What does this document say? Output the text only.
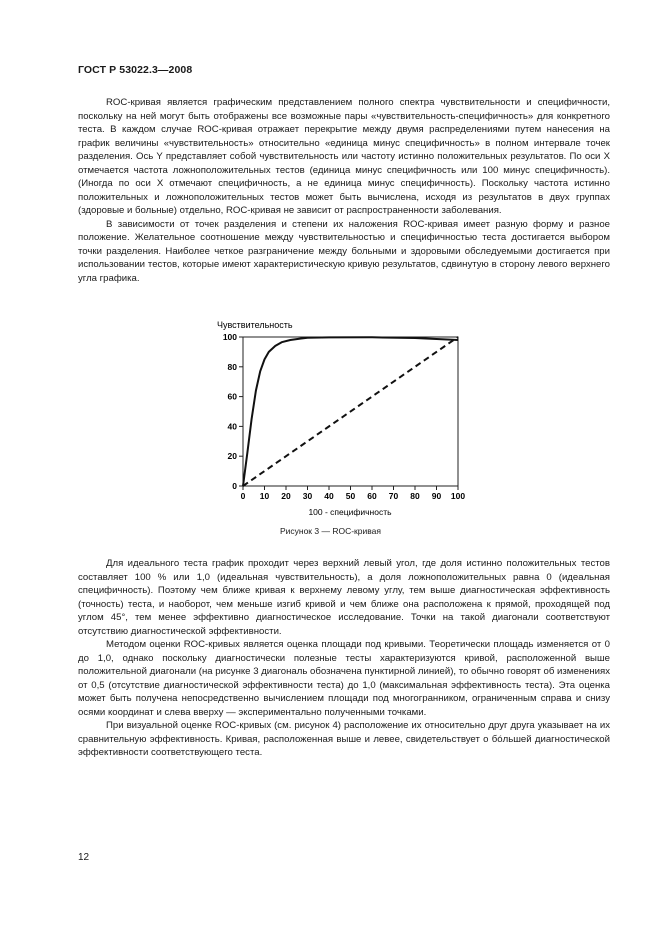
ГОСТ Р 53022.3—2008

ROC-кривая является графическим представлением полного спектра чувствительности и специфичности, поскольку на ней могут быть отображены все возможные пары «чувствительность-специфичность» для конкретного теста. В каждом случае ROC-кривая отражает перекрытие между двумя распределениями путем нанесения на график величины «чувствительность» относительно «единица минус специфичность» в полном интервале точек разделения. Ось Y представляет собой чувствительность или частоту истинно положительных результатов. По оси X отмечается частота ложноположительных тестов (единица минус специфичность или 100 минус специфичность). (Иногда по оси X отмечают специфичность, а не единица минус специфичность). Поскольку частота истинно положительных и ложноположительных тестов может быть вычислена, исходя из результатов в двух группах (здоровые и больные) отдельно, ROC-кривая не зависит от распространенности заболевания.

В зависимости от точек разделения и степени их наложения ROC-кривая имеет разную форму и разное положение. Желательное соотношение между чувствительностью и специфичностью теста достигается выбором точки разделения. Наиболее четкое разграничение между больными и здоровыми обследуемыми достигается при использовании тестов, которые имеют характеристическую кривую результатов, сдвинутую в сторону левого верхнего угла графика.

Чувствительность
0
20
40
60
80
100
0 10 20 30 40 50 60 70 80 90 100
100 - специфичность
Рисунок 3 — ROC-кривая

Для идеального теста график проходит через верхний левый угол, где доля истинно положительных тестов составляет 100 % или 1,0 (идеальная чувствительность), а доля ложноположительных равна 0 (идеальная специфичность). Поэтому чем ближе кривая к верхнему левому углу, тем выше диагностическая эффективность (точность) теста, и наоборот, чем меньше изгиб кривой и чем ближе она расположена к прямой, проходящей под углом 45°, тем менее эффективно диагностическое исследование. Точки на такой диагонали соответствуют отсутствию диагностической эффективности.

Методом оценки ROC-кривых является оценка площади под кривыми. Теоретически площадь изменяется от 0 до 1,0, однако поскольку диагностически полезные тесты характеризуются кривой, расположенной выше положительной диагонали (на рисунке 3 диагональ обозначена пунктирной линией), то обычно говорят об изменениях от 0,5 (отсутствие диагностической эффективности теста) до 1,0 (максимальная эффективность теста). Эта оценка может быть получена непосредственно вычислением площади под многогранником, ограниченным справа и снизу осями координат и слева вверху — экспериментально полученными точками.

При визуальной оценке ROC-кривых (см. рисунок 4) расположение их относительно друг друга указывает на их сравнительную эффективность. Кривая, расположенная выше и левее, свидетельствует о бóльшей диагностической эффективности соответствующего теста.

12
